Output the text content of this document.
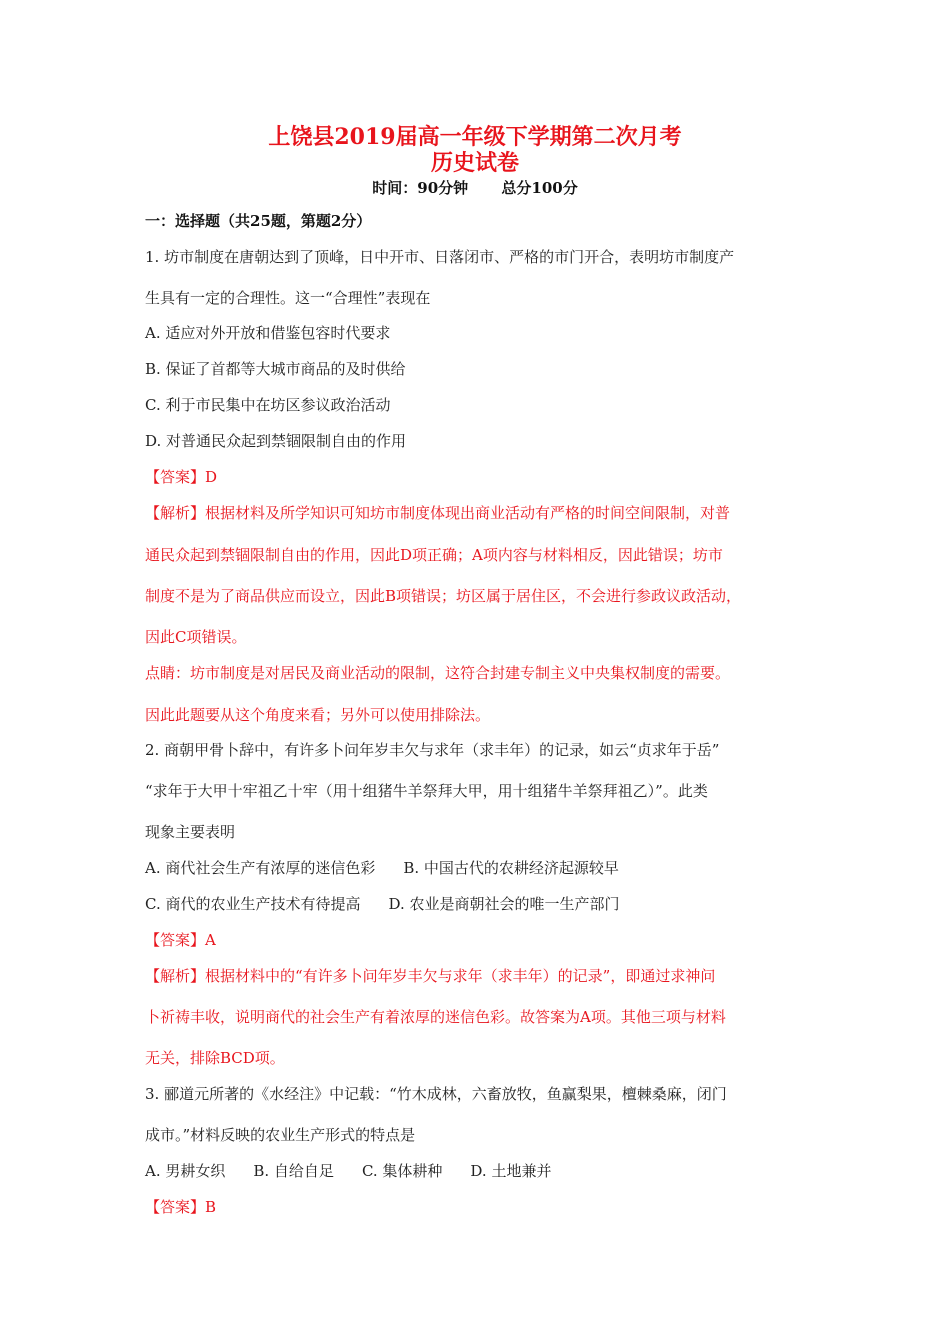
上饶县2019届高一年级下学期第二次月考
历史试卷
时间：90分钟 总分100分
一：选择题（共25题，第题2分）
1. 坊市制度在唐朝达到了顶峰，日中开市、日落闭市、严格的市门开合，表明坊市制度产
生具有一定的合理性。这一“合理性”表现在
A. 适应对外开放和借鉴包容时代要求
B. 保证了首都等大城市商品的及时供给
C. 利于市民集中在坊区参议政治活动
D. 对普通民众起到禁锢限制自由的作用
【答案】D
【解析】根据材料及所学知识可知坊市制度体现出商业活动有严格的时间空间限制，对普
通民众起到禁锢限制自由的作用，因此D项正确；A项内容与材料相反，因此错误；坊市
制度不是为了商品供应而设立，因此B项错误；坊区属于居住区，不会进行参政议政活动，
因此C项错误。
点睛：坊市制度是对居民及商业活动的限制，这符合封建专制主义中央集权制度的需要。
因此此题要从这个角度来看；另外可以使用排除法。
2. 商朝甲骨卜辞中，有许多卜问年岁丰欠与求年（求丰年）的记录，如云“贞求年于岳”
“求年于大甲十牢祖乙十牢（用十组猪牛羊祭拜大甲，用十组猪牛羊祭拜祖乙）”。此类
现象主要表明
A. 商代社会生产有浓厚的迷信色彩 B. 中国古代的农耕经济起源较早
C. 商代的农业生产技术有待提高 D. 农业是商朝社会的唯一生产部门
【答案】A
【解析】根据材料中的“有许多卜问年岁丰欠与求年（求丰年）的记录”，即通过求神问
卜祈祷丰收，说明商代的社会生产有着浓厚的迷信色彩。故答案为A项。其他三项与材料
无关，排除BCD项。
3. 郦道元所著的《水经注》中记载：“竹木成林，六畜放牧，鱼赢梨果，檀棘桑麻，闭门
成市。”材料反映的农业生产形式的特点是
A. 男耕女织 B. 自给自足 C. 集体耕种 D. 土地兼并
【答案】B
